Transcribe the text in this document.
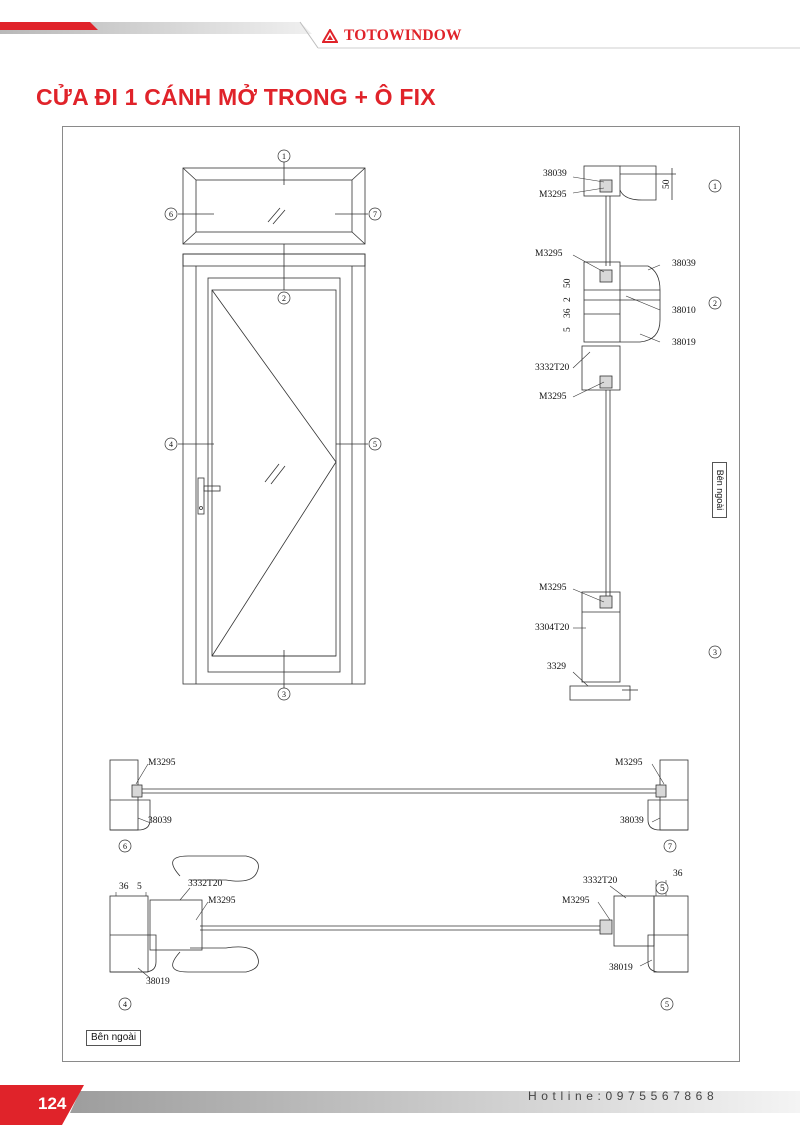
TOTOWINDOW
CỬA ĐI 1 CÁNH MỞ TRONG + Ô FIX
1
2
3
4	5
6	7
1
2
3
6	7
4	5
38039
M3295
M3295
38039
38010
38019
3332T20
M3295
M3295
3304T20
3329
50
50
2
36
5
M3295
38039
M3295
38039
3332T20
M3295
38019
3332T20
M3295
38019
36 5	5
36
Bên ngoài
Bên ngoài
124	Hotline:0975567868
